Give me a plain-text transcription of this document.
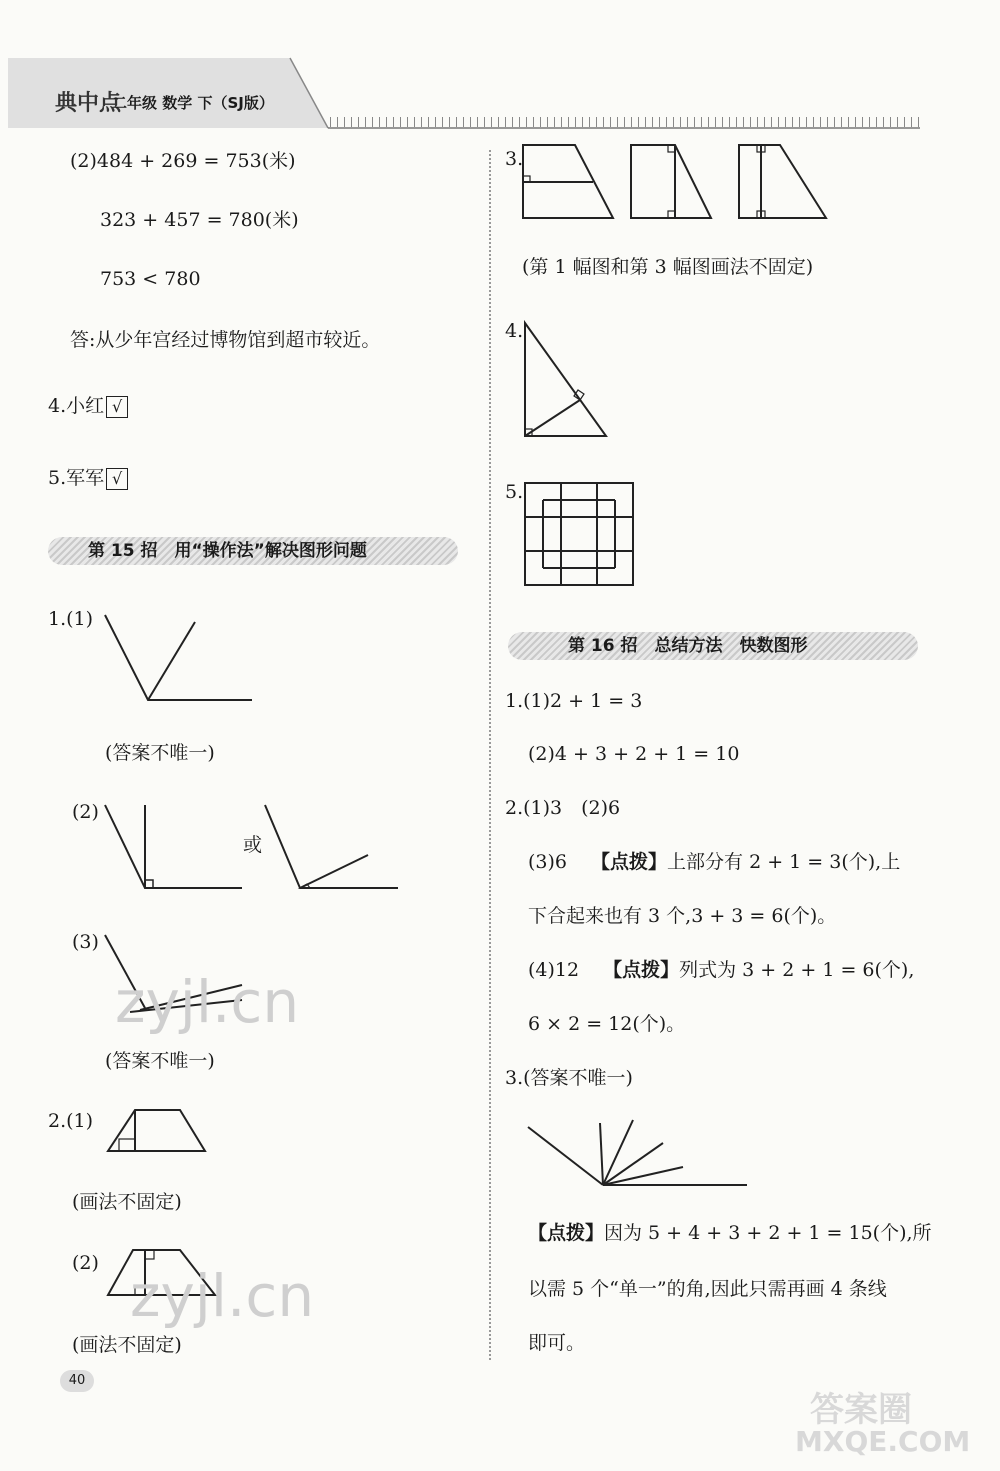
典中点
二年级 数学 下（SJ版）
(2)484 + 269 = 753(米)
323 + 457 = 780(米)
753 < 780
答:从少年宫经过博物馆到超市较近。
4.小红 √
5.军军 √
第 15 招　用“操作法”解决图形问题
1.(1)
(答案不唯一)
(2)
或
(3)
(答案不唯一)
2.(1)
(画法不固定)
(2)
(画法不固定)
40
3.
(第 1 幅图和第 3 幅图画法不固定)
4.
5.
第 16 招　总结方法　快数图形
1.(1)2 + 1 = 3
(2)4 + 3 + 2 + 1 = 10
2.(1)3　(2)6
(3)6 【点拨】上部分有 2 + 1 = 3(个),上
下合起来也有 3 个,3 + 3 = 6(个)。
(4)12 【点拨】列式为 3 + 2 + 1 = 6(个),
6 × 2 = 12(个)。
3.(答案不唯一)
【点拨】因为 5 + 4 + 3 + 2 + 1 = 15(个),所
以需 5 个“单一”的角,因此只需再画 4 条线
即可。
zyjl.cn
zyjl.cn
答案圈
MXQE.COM
